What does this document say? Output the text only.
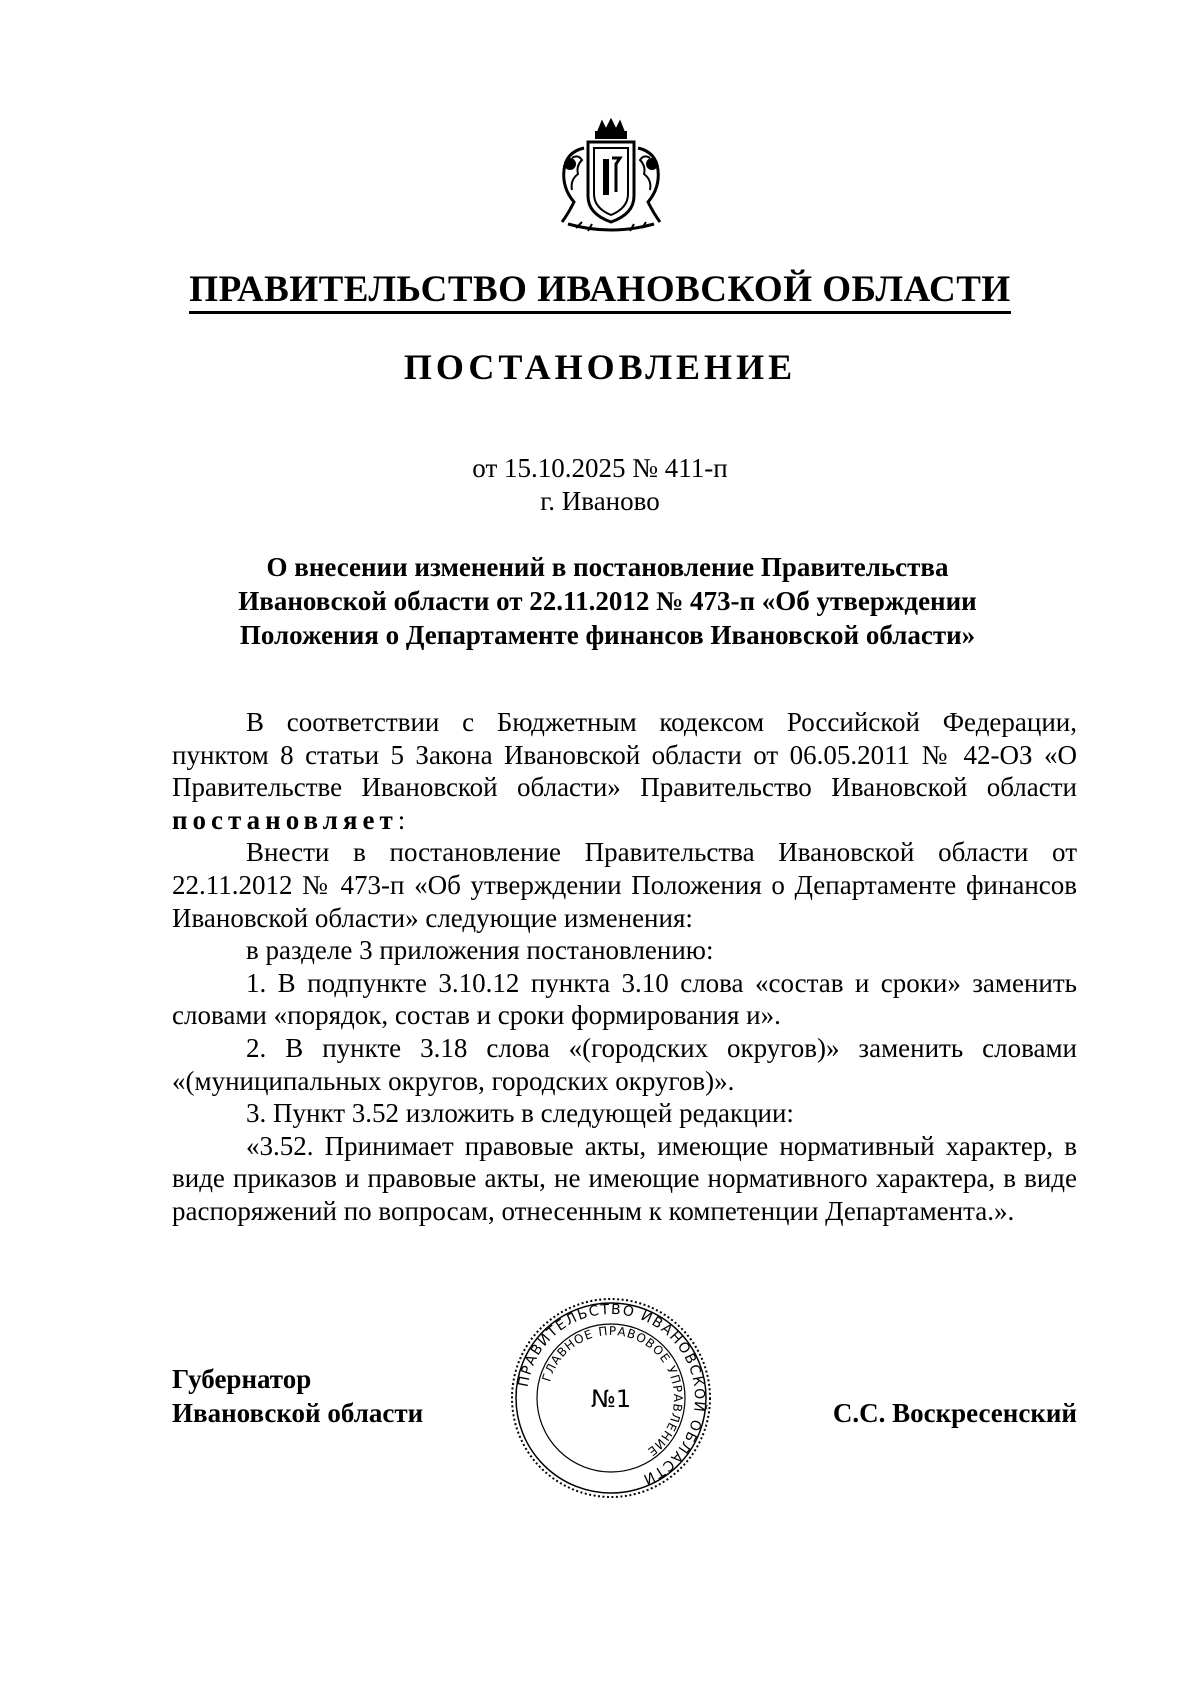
ПРАВИТЕЛЬСТВО ИВАНОВСКОЙ ОБЛАСТИ
ПОСТАНОВЛЕНИЕ
от 15.10.2025 № 411-п
г. Иваново
О внесении изменений в постановление Правительства
Ивановской области от 22.11.2012 № 473-п «Об утверждении
Положения о Департаменте финансов Ивановской области»

В соответствии с Бюджетным кодексом Российской Федерации, пунктом 8 статьи 5 Закона Ивановской области от 06.05.2011 № 42-ОЗ «О Правительстве Ивановской области» Правительство Ивановской области постановляет:

Внести в постановление Правительства Ивановской области от 22.11.2012 № 473-п «Об утверждении Положения о Департаменте финансов Ивановской области» следующие изменения:

в разделе 3 приложения постановлению:

1. В подпункте 3.10.12 пункта 3.10 слова «состав и сроки» заменить словами «порядок, состав и сроки формирования и».

2. В пункте 3.18 слова «(городских округов)» заменить словами «(муниципальных округов, городских округов)».

3. Пункт 3.52 изложить в следующей редакции:

«3.52. Принимает правовые акты, имеющие нормативный характер, в виде приказов и правовые акты, не имеющие нормативного характера, в виде распоряжений по вопросам, отнесенным к компетенции Департамента.».

Губернатор
Ивановской области
ПРАВИТЕЛЬСТВО ИВАНОВСКОЙ ОБЛАСТИ
ГЛАВНОЕ ПРАВОВОЕ УПРАВЛЕНИЕ
№1	С.С. Воскресенский
